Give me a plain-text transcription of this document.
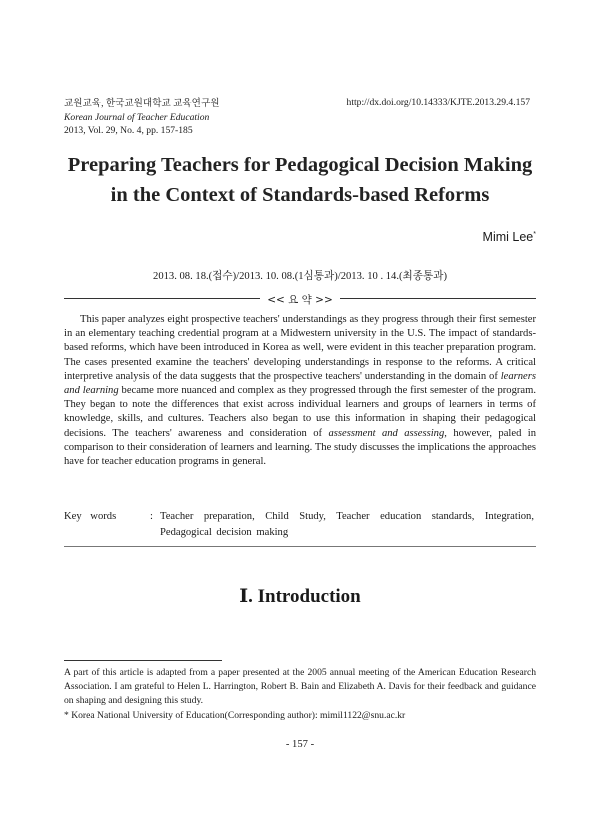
교원교육, 한국교원대학교 교육연구원
Korean Journal of Teacher Education
2013, Vol. 29, No. 4, pp. 157-185
http://dx.doi.org/10.14333/KJTE.2013.29.4.157
Preparing Teachers for Pedagogical Decision Making
in the Context of Standards-based Reforms
Mimi Lee*
2013. 08. 18.(접수)/2013. 10. 08.(1심통과)/2013. 10 . 14.(최종통과)
<< 요 약 >>
This paper analyzes eight prospective teachers' understandings as they progress through their first semester in an elementary teaching credential program at a Midwestern university in the U.S. The impact of standards-based reforms, which have been introduced in Korea as well, were evident in this teacher preparation program. The cases presented examine the teachers' developing understandings in response to the reforms. A critical interpretive analysis of the data suggests that the prospective teachers' understanding in the domain of learners and learning became more nuanced and complex as they progressed through the first semester of the program. They began to note the differences that exist across individual learners and groups of learners in terms of knowledge, skills, and cultures. Teachers also began to use this information in shaping their pedagogical decisions. The teachers' awareness and consideration of assessment and assessing, however, paled in comparison to their consideration of learners and learning. The study discusses the implications the approaches have for teacher education programs in general.
Key words	: Teacher preparation, Child Study, Teacher education standards, Integration, Pedagogical decision making
Ⅰ. Introduction

A part of this article is adapted from a paper presented at the 2005 annual meeting of the American Education Research Association. I am grateful to Helen L. Harrington, Robert B. Bain and Elizabeth A. Davis for their feedback and guidance on shaping and designing this study.

* Korea National University of Education(Corresponding author): mimil1122@snu.ac.kr

- 157 -
